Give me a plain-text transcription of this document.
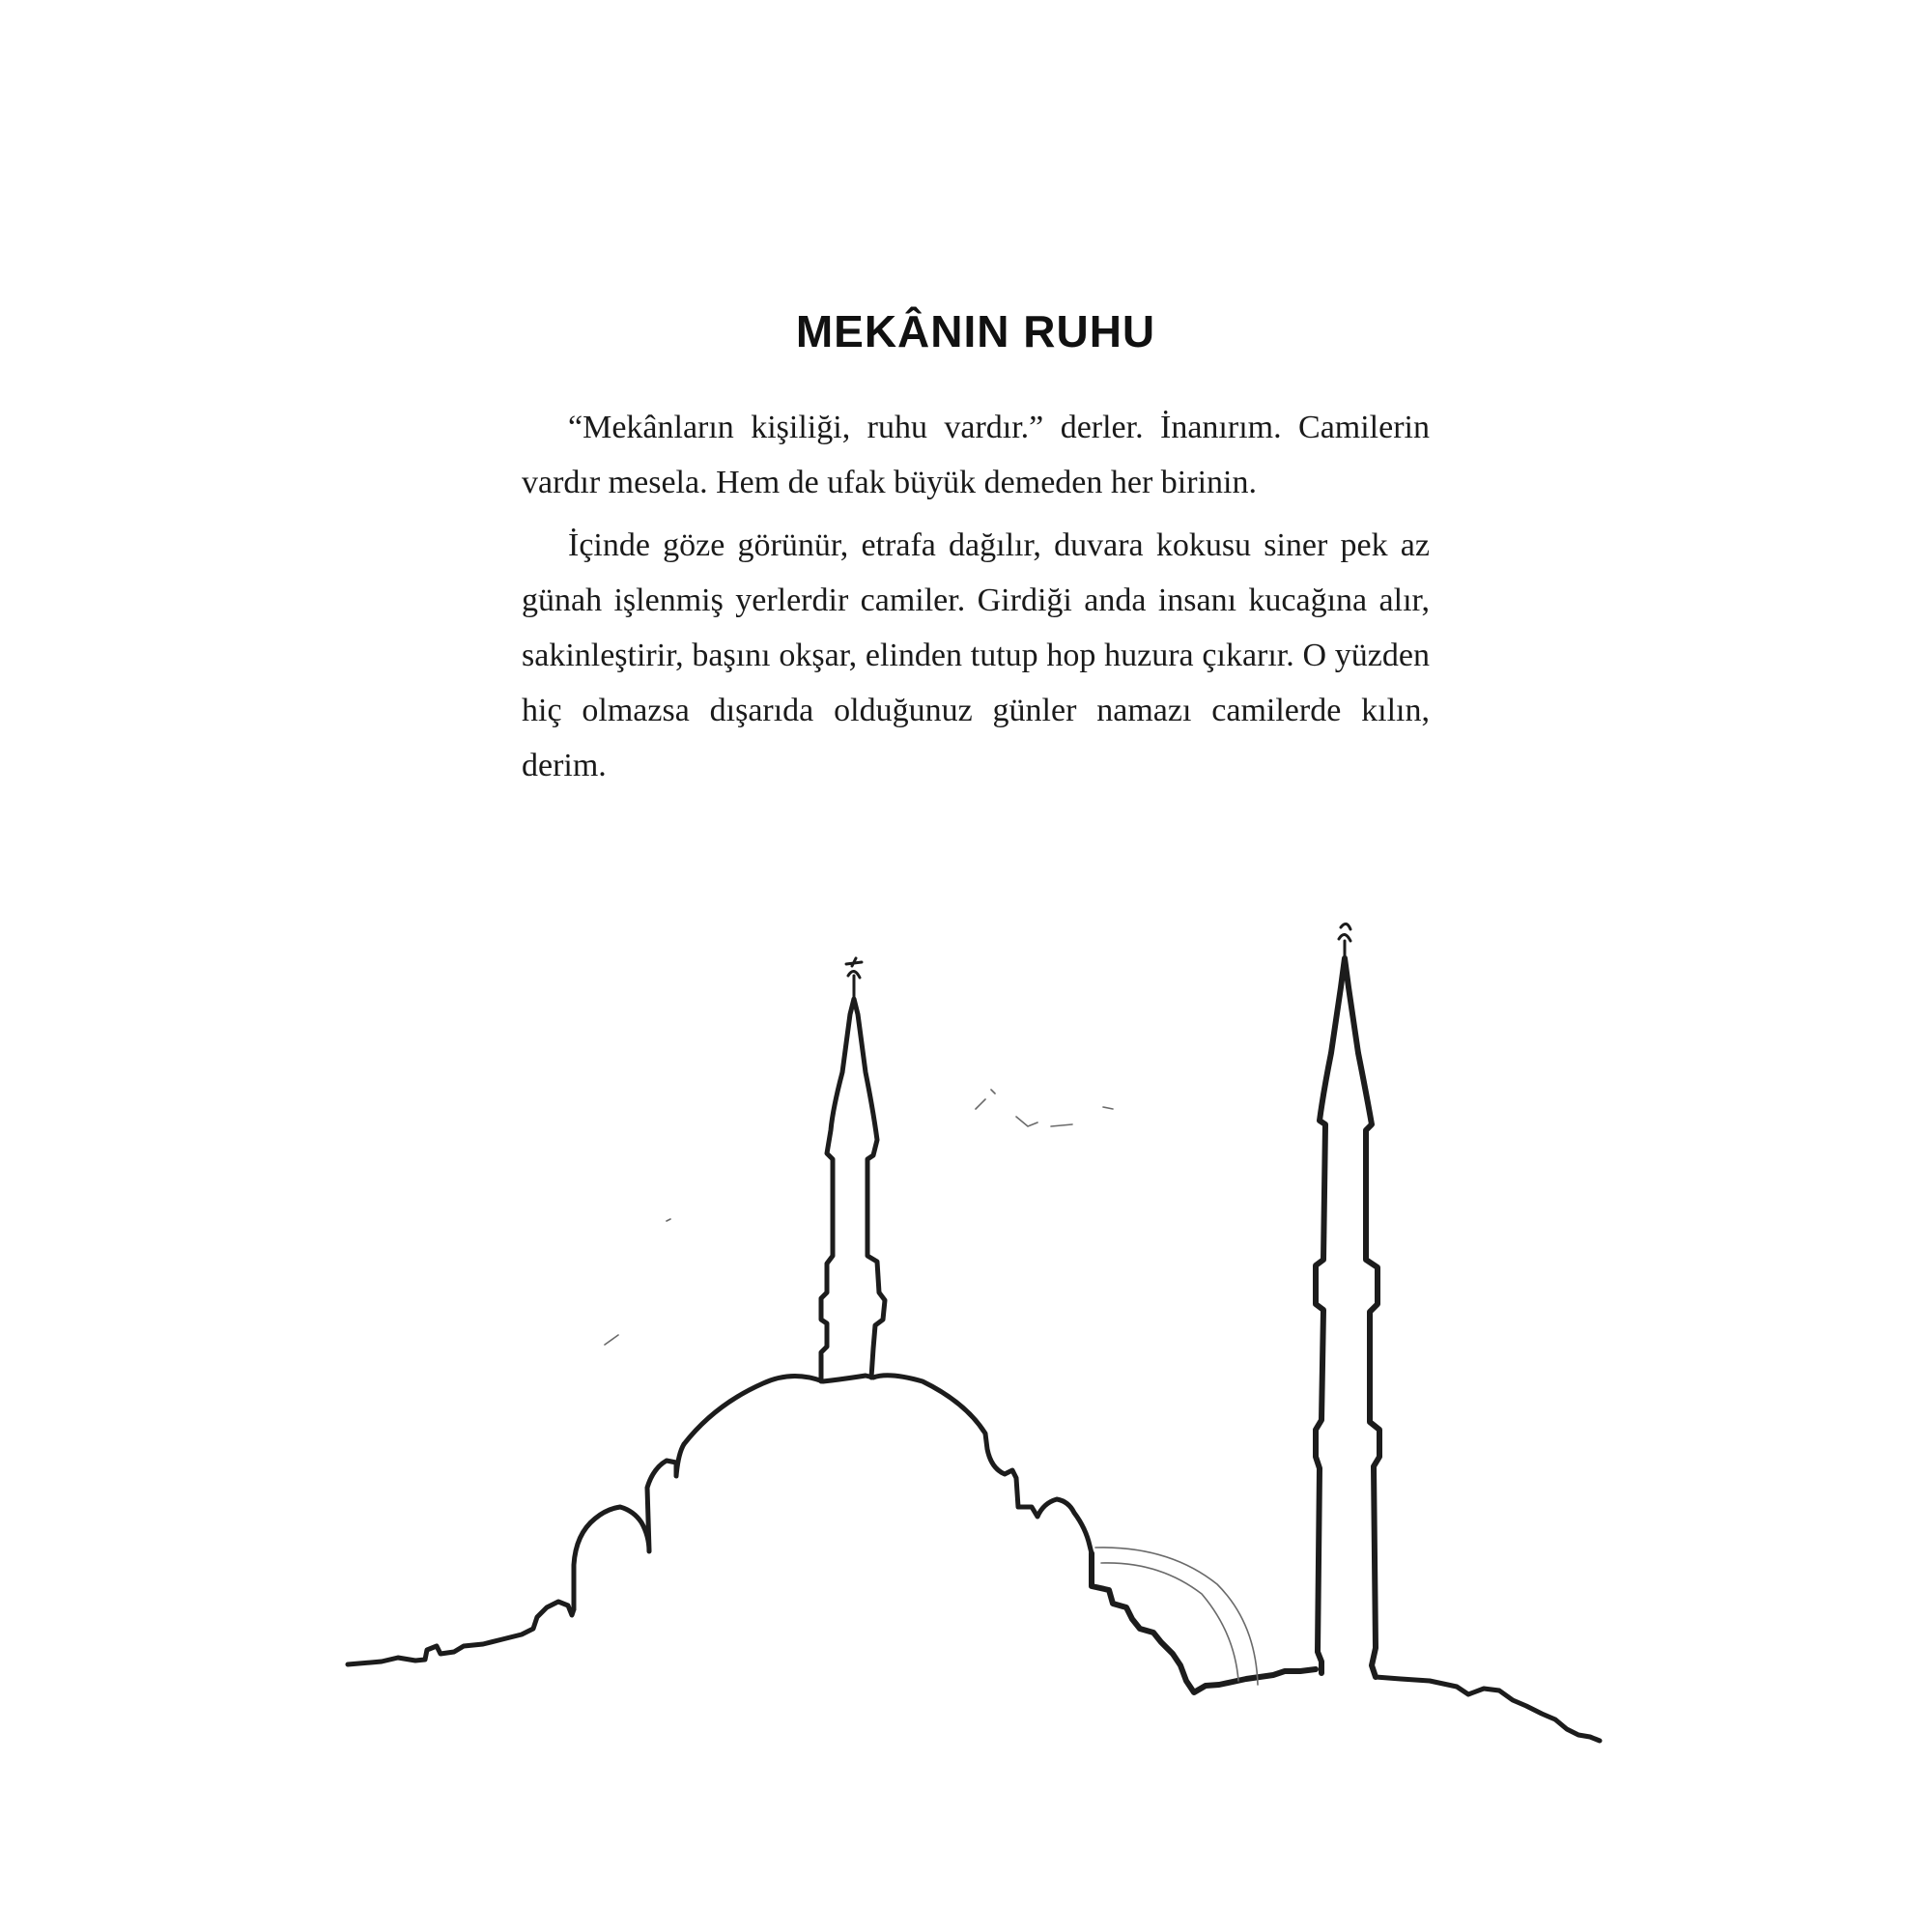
MEKÂNIN RUHU

“Mekânların kişiliği, ruhu vardır.” derler. İnanırım. Camilerin vardır mesela. Hem de ufak büyük demeden her birinin.

İçinde göze görünür, etrafa dağılır, duvara kokusu siner pek az günah işlenmiş yerlerdir camiler. Girdiği anda insanı kucağına alır, sakinleştirir, başını okşar, elinden tutup hop huzura çıkarır. O yüzden hiç olmazsa dışarıda olduğunuz günler namazı camilerde kılın, derim.
